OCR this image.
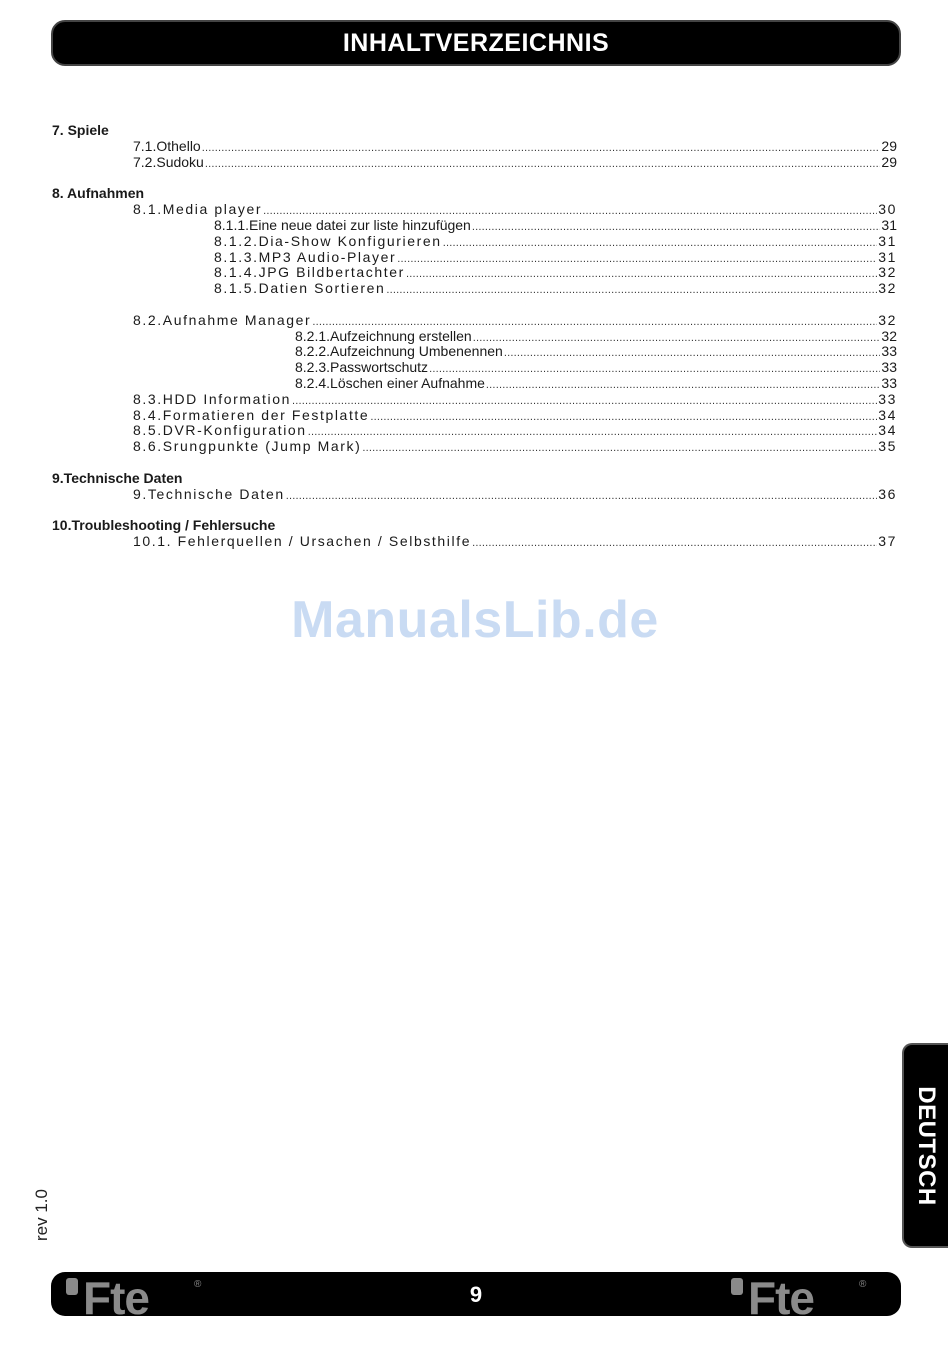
INHALTVERZEICHNIS
7. Spiele
7.1.Othello .....	29
7.2.Sudoku .....	29
8. Aufnahmen
8.1.Media player .....	30
8.1.1.Eine neue datei zur liste hinzufügen .....	31
8.1.2.Dia-Show Konfigurieren .....	31
8.1.3.MP3 Audio-Player .....	31
8.1.4.JPG Bildbertachter .....	32
8.1.5.Datien Sortieren .....	32
8.2.Aufnahme Manager .....	32
8.2.1.Aufzeichnung erstellen .....	32
8.2.2.Aufzeichnung Umbenennen .....	33
8.2.3.Passwortschutz .....	33
8.2.4.Löschen einer Aufnahme .....	33
8.3.HDD Information .....	33
8.4.Formatieren der Festplatte .....	34
8.5.DVR-Konfiguration .....	34
8.6.Srungpunkte (Jump Mark) .....	35
9.Technische Daten
9.Technische Daten .....	36
10.Troubleshooting / Fehlersuche
10.1. Fehlerquellen / Ursachen / Selbsthilfe .....	37
ManualsLib.de
rev 1.0
DEUTSCH
Fte	®	9	Fte	®
